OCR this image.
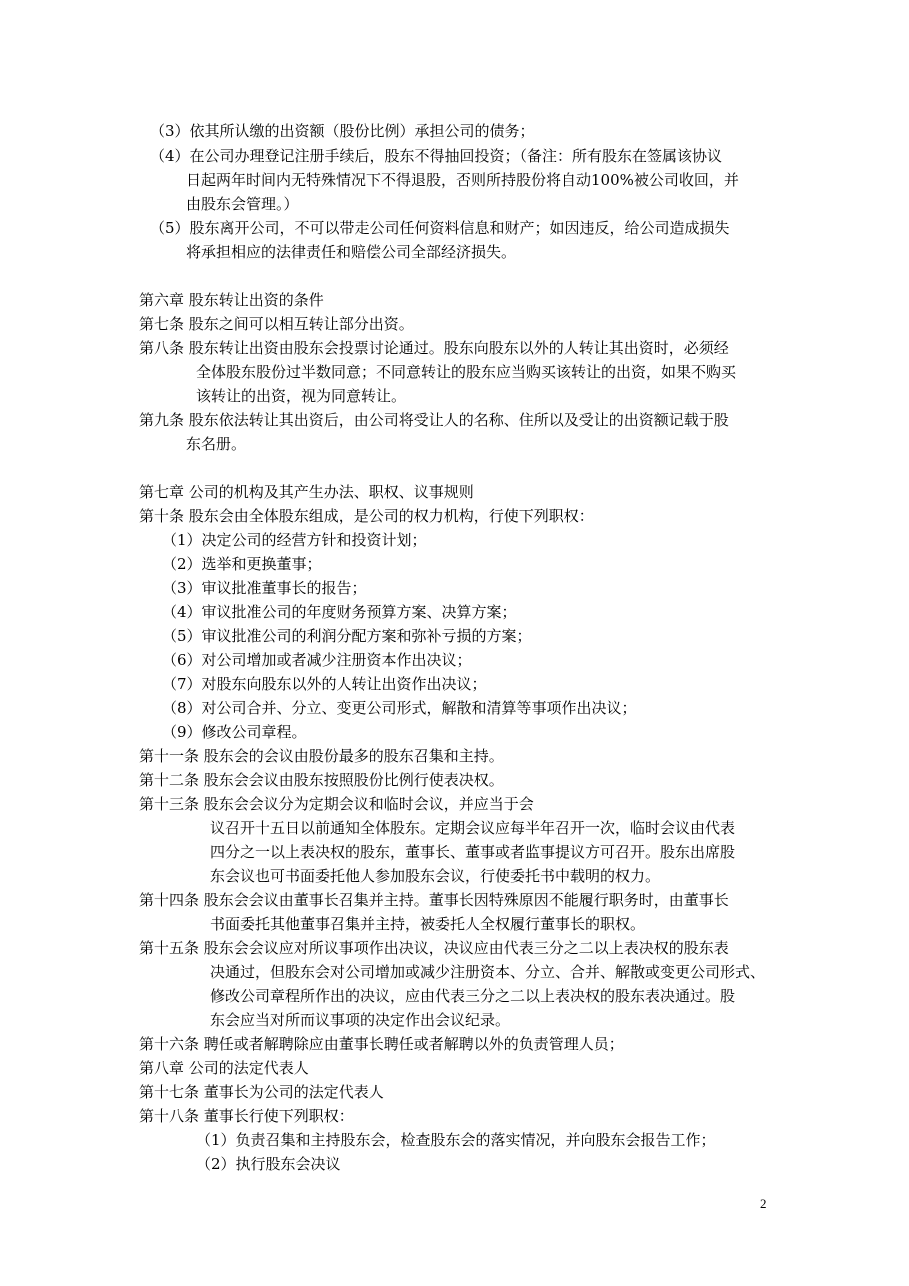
（3）依其所认缴的出资额（股份比例）承担公司的债务；
（4）在公司办理登记注册手续后，股东不得抽回投资；（备注：所有股东在签属该协议
日起两年时间内无特殊情况下不得退股，否则所持股份将自动100%被公司收回，并
由股东会管理。）
（5）股东离开公司，不可以带走公司任何资料信息和财产；如因违反，给公司造成损失
将承担相应的法律责任和赔偿公司全部经济损失。
第六章 股东转让出资的条件
第七条 股东之间可以相互转让部分出资。
第八条 股东转让出资由股东会投票讨论通过。股东向股东以外的人转让其出资时，必须经
全体股东股份过半数同意；不同意转让的股东应当购买该转让的出资，如果不购买
该转让的出资，视为同意转让。
第九条 股东依法转让其出资后，由公司将受让人的名称、住所以及受让的出资额记载于股
东名册。
第七章 公司的机构及其产生办法、职权、议事规则
第十条 股东会由全体股东组成，是公司的权力机构，行使下列职权：
（1）决定公司的经营方针和投资计划；
（2）选举和更换董事；
（3）审议批准董事长的报告；
（4）审议批准公司的年度财务预算方案、决算方案；
（5）审议批准公司的利润分配方案和弥补亏损的方案；
（6）对公司增加或者减少注册资本作出决议；
（7）对股东向股东以外的人转让出资作出决议；
（8）对公司合并、分立、变更公司形式，解散和清算等事项作出决议；
（9）修改公司章程。
第十一条 股东会的会议由股份最多的股东召集和主持。
第十二条 股东会会议由股东按照股份比例行使表决权。
第十三条 股东会会议分为定期会议和临时会议，并应当于会
议召开十五日以前通知全体股东。定期会议应每半年召开一次，临时会议由代表
四分之一以上表决权的股东，董事长、董事或者监事提议方可召开。股东出席股
东会议也可书面委托他人参加股东会议，行使委托书中载明的权力。
第十四条 股东会会议由董事长召集并主持。董事长因特殊原因不能履行职务时，由董事长
书面委托其他董事召集并主持，被委托人全权履行董事长的职权。
第十五条 股东会会议应对所议事项作出决议，决议应由代表三分之二以上表决权的股东表
决通过，但股东会对公司增加或减少注册资本、分立、合并、解散或变更公司形式、
修改公司章程所作出的决议，应由代表三分之二以上表决权的股东表决通过。股
东会应当对所而议事项的决定作出会议纪录。
第十六条 聘任或者解聘除应由董事长聘任或者解聘以外的负责管理人员；
第八章 公司的法定代表人
第十七条 董事长为公司的法定代表人
第十八条 董事长行使下列职权：
（1）负责召集和主持股东会，检查股东会的落实情况，并向股东会报告工作；
（2）执行股东会决议
2
